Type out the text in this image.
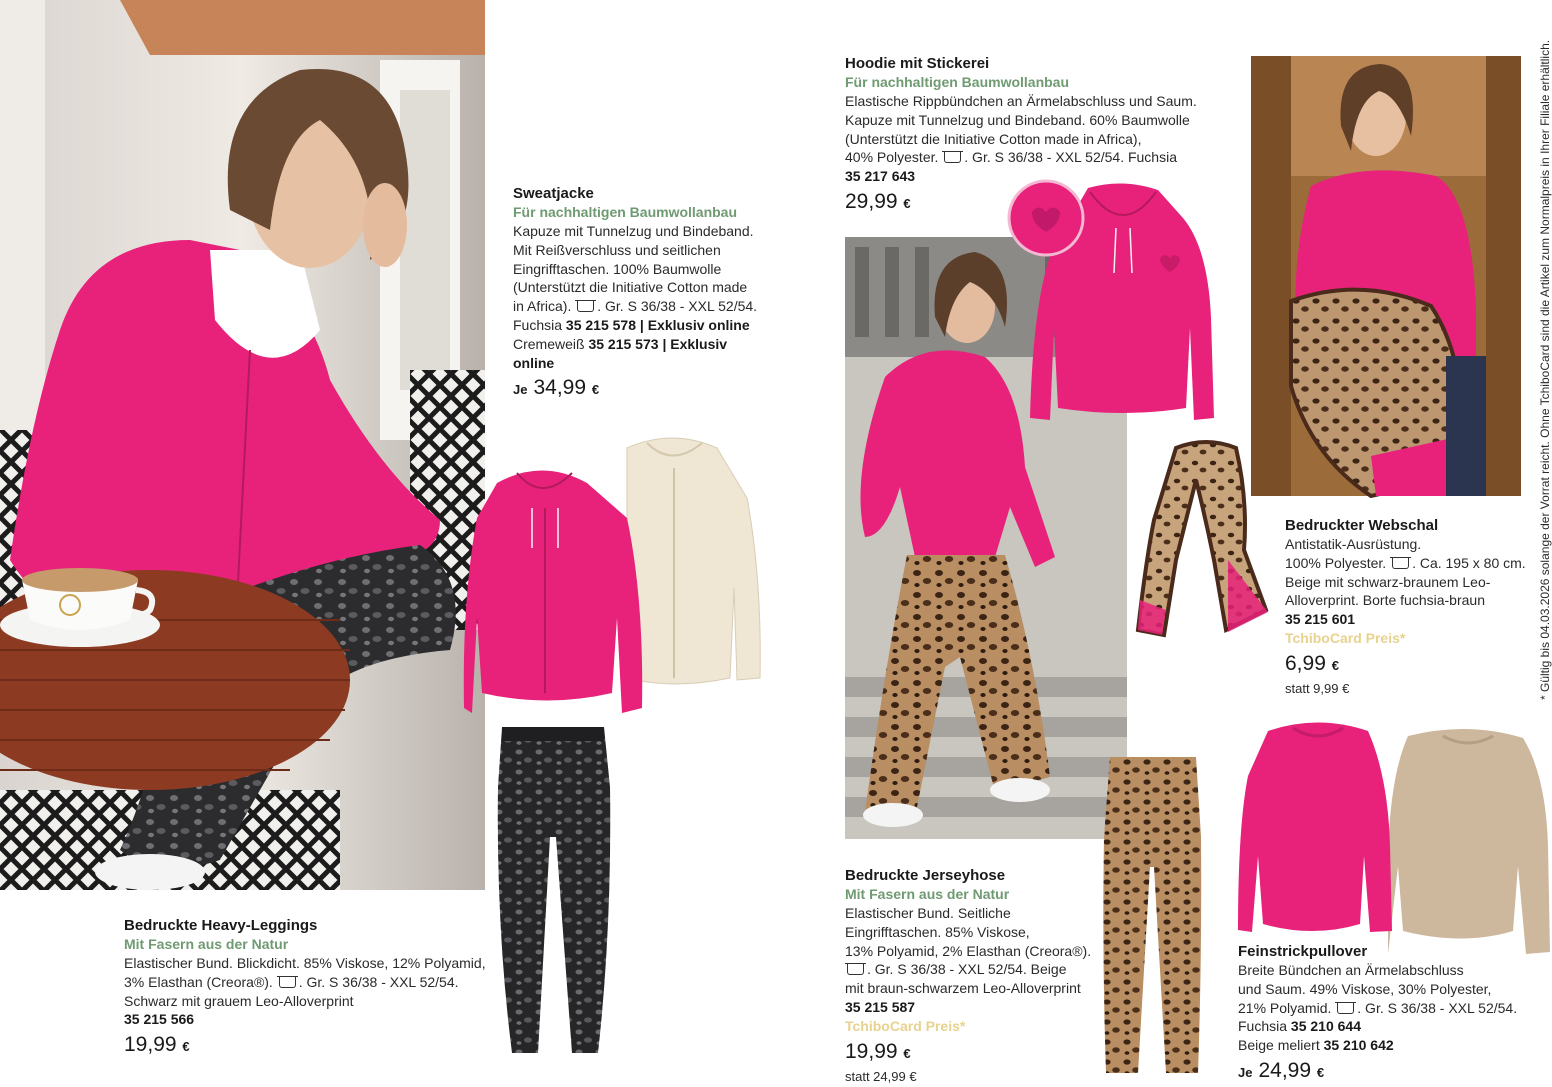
Sweatjacke
Für nachhaltigen Baumwollanbau
Kapuze mit Tunnelzug und Bindeband.
Mit Reißverschluss und seitlichen
Eingrifftaschen. 100% Baumwolle
(Unterstützt die Initiative Cotton made
in Africa). . Gr. S 36/38 - XXL 52/54.
Fuchsia 35 215 578 | Exklusiv online
Cremeweiß 35 215 573 | Exklusiv
online
Je 34,99 €
Hoodie mit Stickerei
Für nachhaltigen Baumwollanbau
Elastische Rippbündchen an Ärmelabschluss und Saum.
Kapuze mit Tunnelzug und Bindeband. 60% Baumwolle
(Unterstützt die Initiative Cotton made in Africa),
40% Polyester. . Gr. S 36/38 - XXL 52/54. Fuchsia
35 217 643
29,99 €
Bedruckte Heavy-Leggings
Mit Fasern aus der Natur
Elastischer Bund. Blickdicht. 85% Viskose, 12% Polyamid,
3% Elasthan (Creora®). . Gr. S 36/38 - XXL 52/54.
Schwarz mit grauem Leo-Alloverprint
35 215 566
19,99 €
Bedruckte Jerseyhose
Mit Fasern aus der Natur
Elastischer Bund. Seitliche
Eingrifftaschen. 85% Viskose,
13% Polyamid, 2% Elasthan (Creora®).
. Gr. S 36/38 - XXL 52/54. Beige
mit braun-schwarzem Leo-Alloverprint
35 215 587
TchiboCard Preis*
19,99 €
statt 24,99 €
Bedruckter Webschal
Antistatik-Ausrüstung.
100% Polyester. . Ca. 195 x 80 cm.
Beige mit schwarz-braunem Leo-
Alloverprint. Borte fuchsia-braun
35 215 601
TchiboCard Preis*
6,99 €
statt 9,99 €
Feinstrickpullover
Breite Bündchen an Ärmelabschluss
und Saum. 49% Viskose, 30% Polyester,
21% Polyamid. . Gr. S 36/38 - XXL 52/54.
Fuchsia 35 210 644
Beige meliert 35 210 642
Je 24,99 €
* Gültig bis 04.03.2026 solange der Vorrat reicht. Ohne TchiboCard sind die Artikel zum Normalpreis in Ihrer Filiale erhältlich.
